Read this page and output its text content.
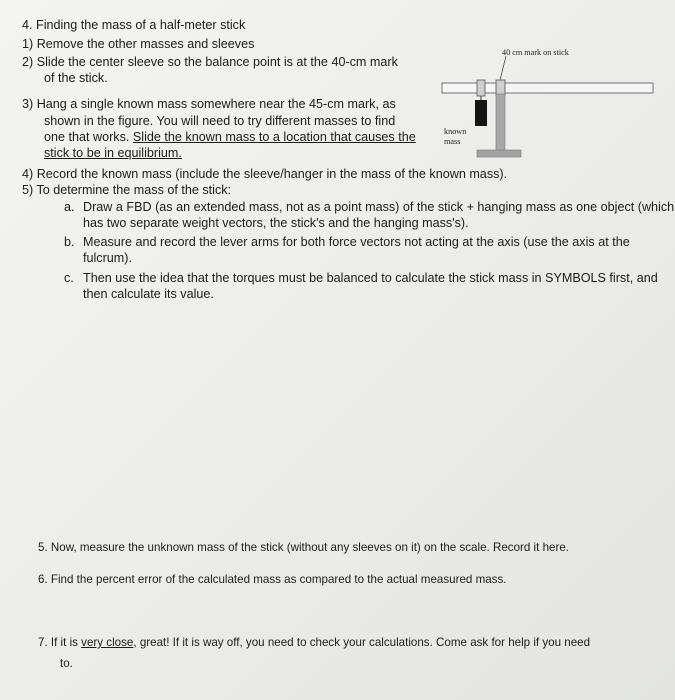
4. Finding the mass of a half-meter stick
1) Remove the other masses and sleeves
2) Slide the center sleeve so the balance point is at the 40-cm mark
of the stick.
3) Hang a single known mass somewhere near the 45-cm mark, as
shown in the figure. You will need to try different masses to find
one that works. Slide the known mass to a location that causes the
stick to be in equilibrium.
4) Record the known mass (include the sleeve/hanger in the mass of the known mass).
5) To determine the mass of the stick:
a. Draw a FBD (as an extended mass, not as a point mass) of the stick + hanging mass as one object (which
has two separate weight vectors, the stick's and the hanging mass's).
b. Measure and record the lever arms for both force vectors not acting at the axis (use the axis at the
fulcrum).
c. Then use the idea that the torques must be balanced to calculate the stick mass in SYMBOLS first, and
then calculate its value.
40 cm mark on stick
known
mass
5. Now, measure the unknown mass of the stick (without any sleeves on it) on the scale. Record it here.
6. Find the percent error of the calculated mass as compared to the actual measured mass.
7. If it is very close, great! If it is way off, you need to check your calculations. Come ask for help if you need
to.
